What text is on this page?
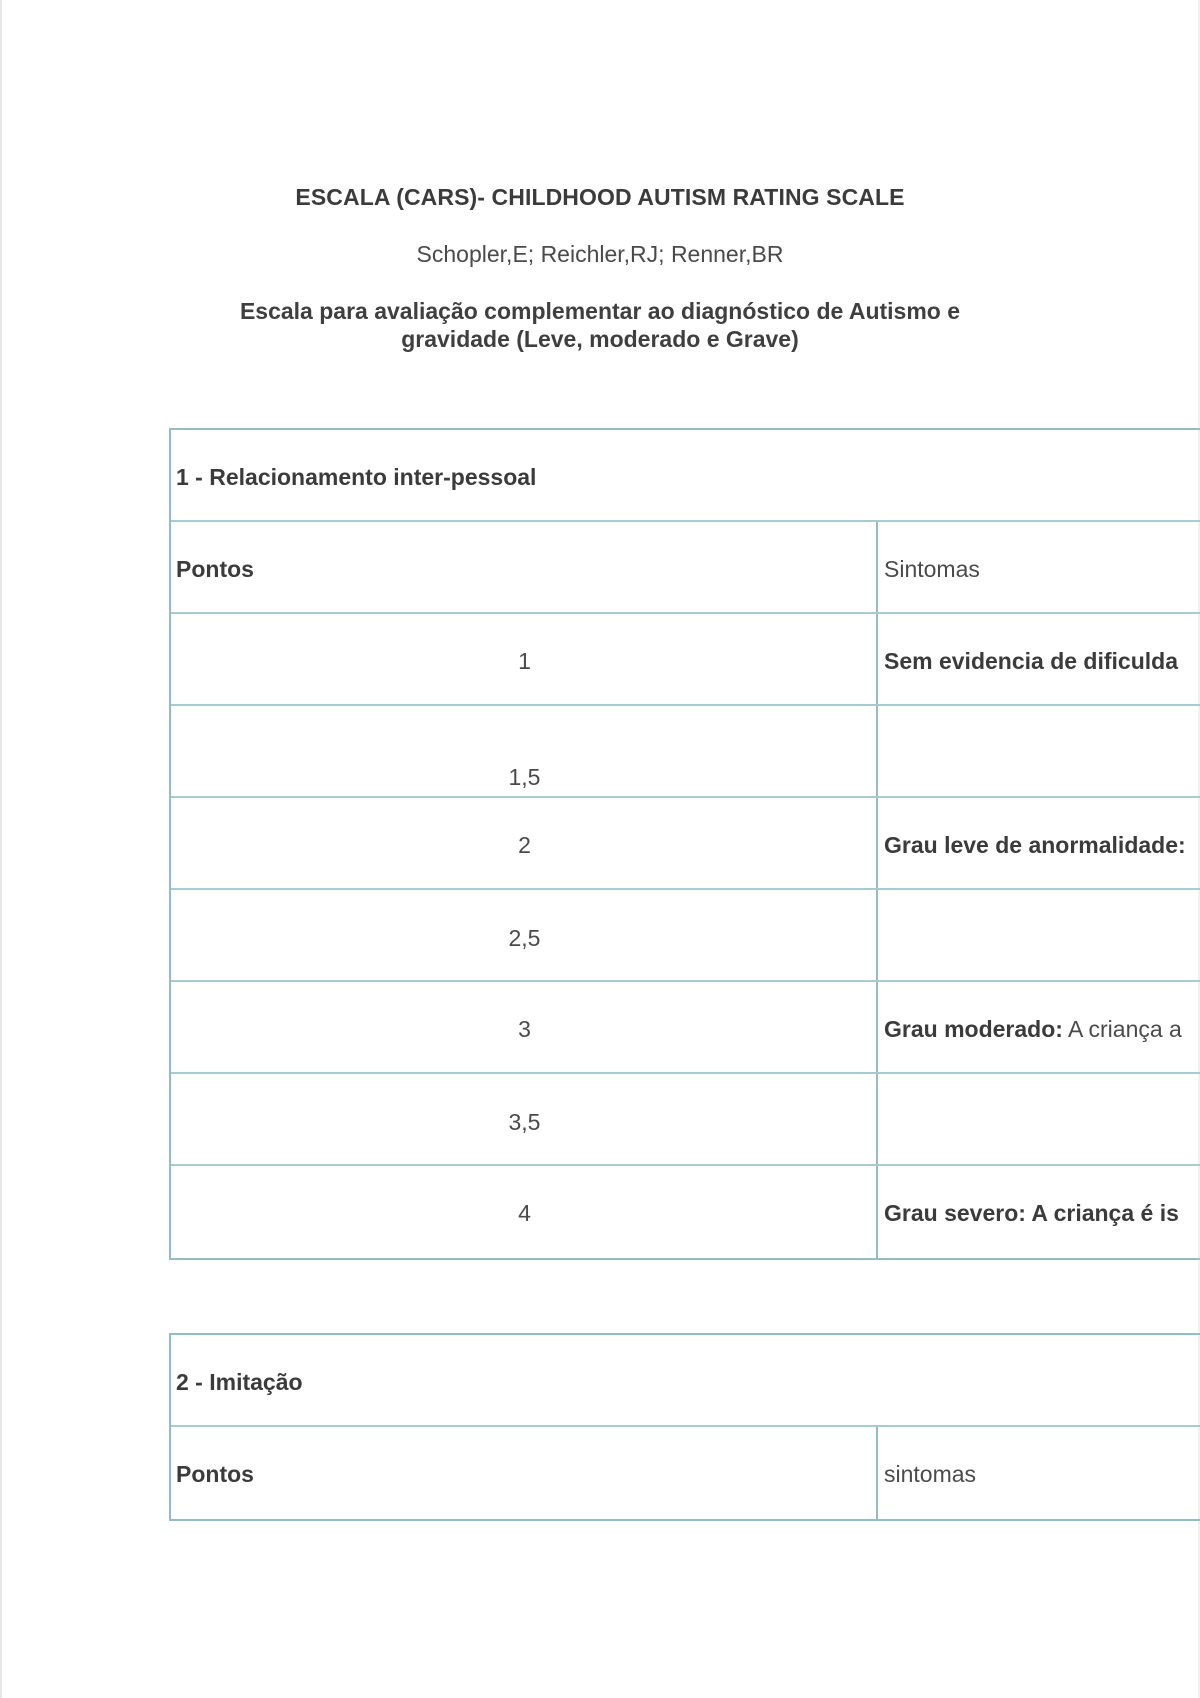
ESCALA (CARS)- CHILDHOOD AUTISM RATING SCALE
Schopler,E; Reichler,RJ; Renner,BR
Escala para avaliação complementar ao diagnóstico de Autismo e
gravidade (Leve, moderado e Grave)
1 - Relacionamento inter-pessoal
Pontos	Sintomas
1	Sem evidencia de dificulda
1,5
2	Grau leve de anormalidade:
2,5
3	Grau moderado: A criança a
3,5
4	Grau severo: A criança é is
2 - Imitação
Pontos	sintomas
